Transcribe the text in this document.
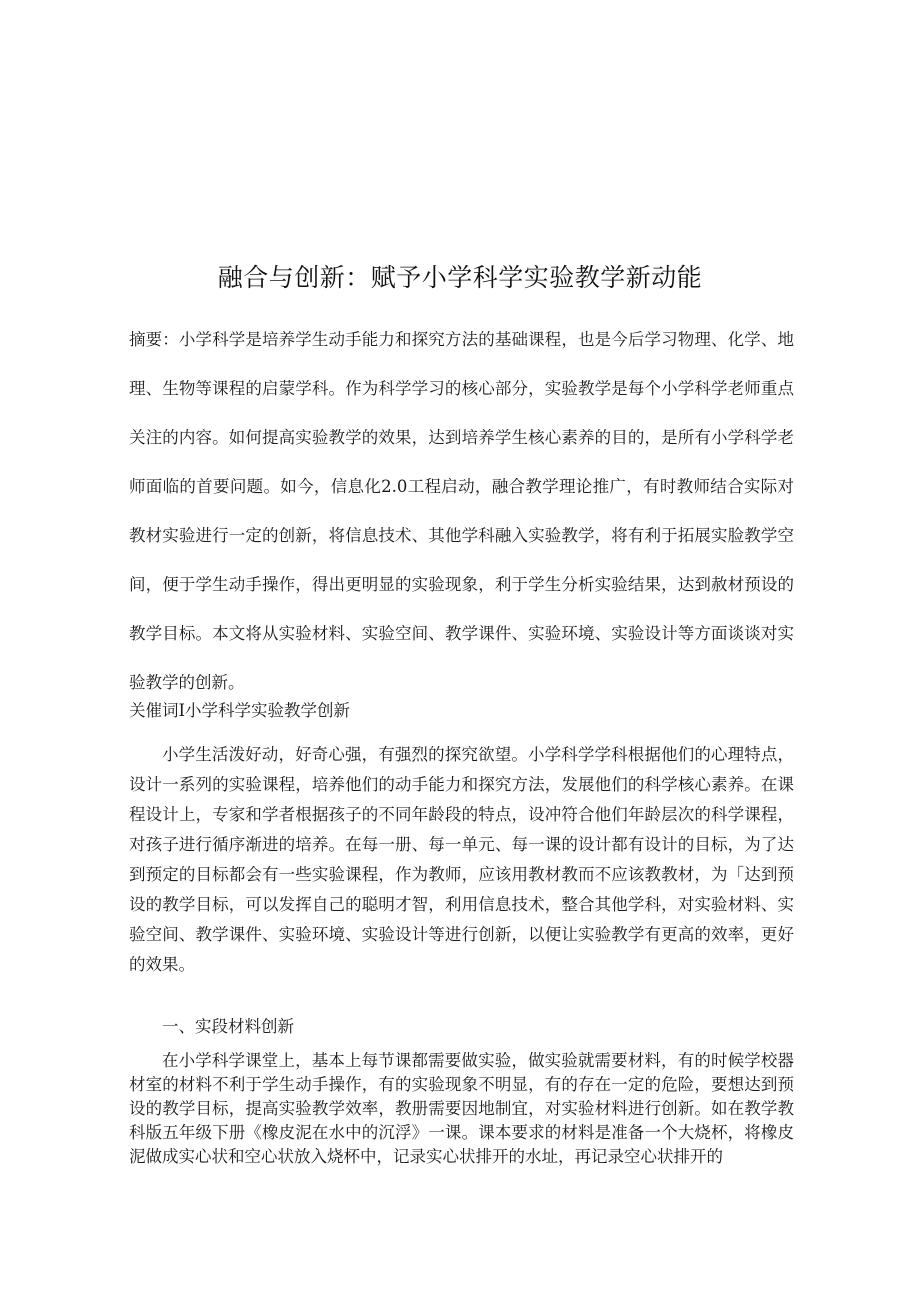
融合与创新：赋予小学科学实验教学新动能
摘要：小学科学是培养学生动手能力和探究方法的基础课程，也是今后学习物理、化学、地理、生物等课程的启蒙学科。作为科学学习的核心部分，实验教学是每个小学科学老师重点关注的内容。如何提高实验教学的效果，达到培养学生核心素养的目的，是所有小学科学老师面临的首要问题。如今，信息化2.0工程启动，融合教学理论推广，有时教师结合实际对教材实验进行一定的创新，将信息技术、其他学科融入实验教学，将有利于拓展实脸教学空间，便于学生动手操作，得出更明显的实验现象，利于学生分析实验结果，达到赦材预设的教学目标。本文将从实验材料、实验空间、教学课件、实验环境、实验设计等方面谈谈对实验教学的创新。
关催词I小学科学实验教学创新

小学生活泼好动，好奇心强，有强烈的探究欲望。小学科学学科根据他们的心理特点，设计一系列的实验课程，培养他们的动手能力和探究方法，发展他们的科学核心素养。在课程设计上，专家和学者根据孩子的不同年龄段的特点，设冲符合他们年龄层次的科学课程，对孩子进行循序渐进的培养。在每一册、每一单元、每一课的设计都有设计的目标，为了达到预定的目标都会有一些实验课程，作为教师，应该用教材教而不应该教教材，为「达到预设的教学目标，可以发挥自己的聪明才智，利用信息技术，整合其他学科，对实验材料、实验空间、教学课件、实验环境、实验设计等进行创新，以便让实验教学有更高的效率，更好的效果。

一、实段材料创新

在小学科学课堂上，基本上每节课都需要做实验，做实验就需要材料，有的时候学校器材室的材料不利于学生动手操作，有的实验现象不明显，有的存在一定的危险，要想达到预设的教学目标，提高实验教学效率，教册需要因地制宜，对实验材料进行创新。如在教学教科版五年级下册《橡皮泥在水中的沉浮》一课。课本要求的材料是准备一个大烧杯，将橡皮泥做成实心状和空心状放入烧杯中，记录实心状排开的水址，再记录空心状排开的
